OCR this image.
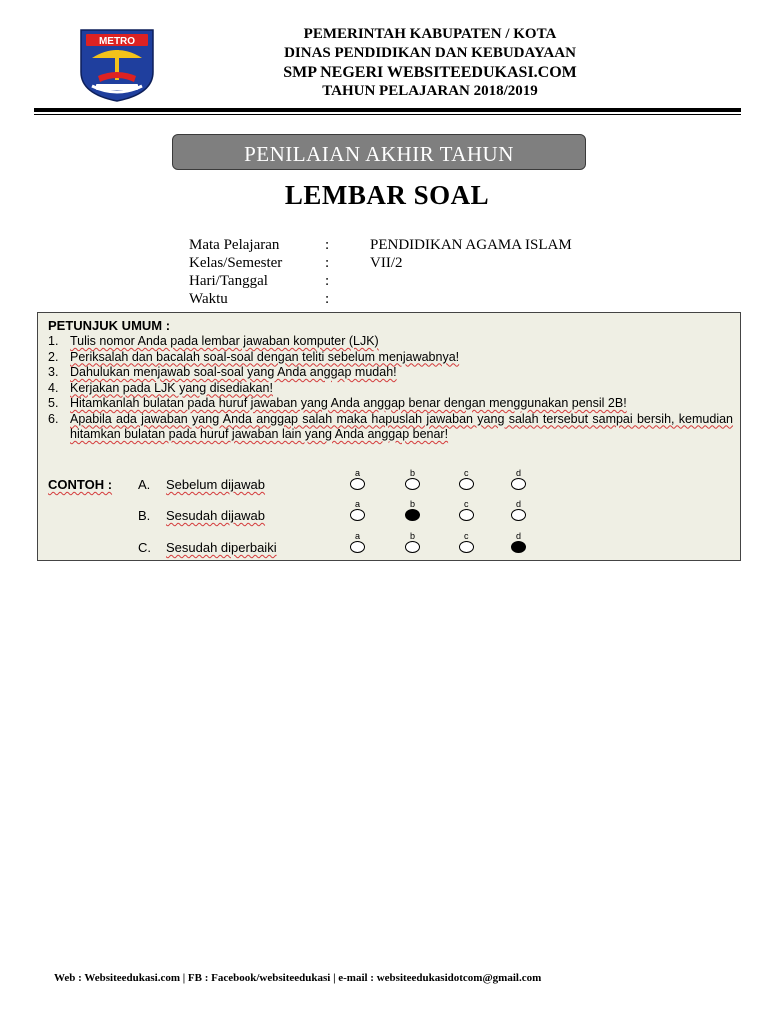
METRO	PEMERINTAH KABUPATEN / KOTA
DINAS PENDIDIKAN DAN KEBUDAYAAN
SMP NEGERI WEBSITEEDUKASI.COM
TAHUN PELAJARAN 2018/2019
PENILAIAN AKHIR TAHUN
LEMBAR SOAL
Mata Pelajaran	:	PENDIDIKAN AGAMA ISLAM
Kelas/Semester	:	VII/2
Hari/Tanggal	:
Waktu	:
PETUNJUK UMUM :
1. Tulis nomor Anda pada lembar jawaban komputer (LJK)
2. Periksalah dan bacalah soal-soal dengan teliti sebelum menjawabnya!
3. Dahulukan menjawab soal-soal yang Anda anggap mudah!
4. Kerjakan pada LJK yang disediakan!
5. Hitamkanlah bulatan pada huruf jawaban yang Anda anggap benar dengan menggunakan pensil 2B!
6. Apabila ada jawaban yang Anda anggap salah maka hapuslah jawaban yang salah tersebut sampai bersih, kemudian hitamkan bulatan pada huruf jawaban lain yang Anda anggap benar!
CONTOH : A. Sebelum dijawab
a	b	c	d
B. Sesudah dijawab
a	b	c	d
C. Sesudah diperbaiki
a	b	c	d
Web : Websiteedukasi.com | FB : Facebook/websiteedukasi | e-mail : websiteedukasidotcom@gmail.com
